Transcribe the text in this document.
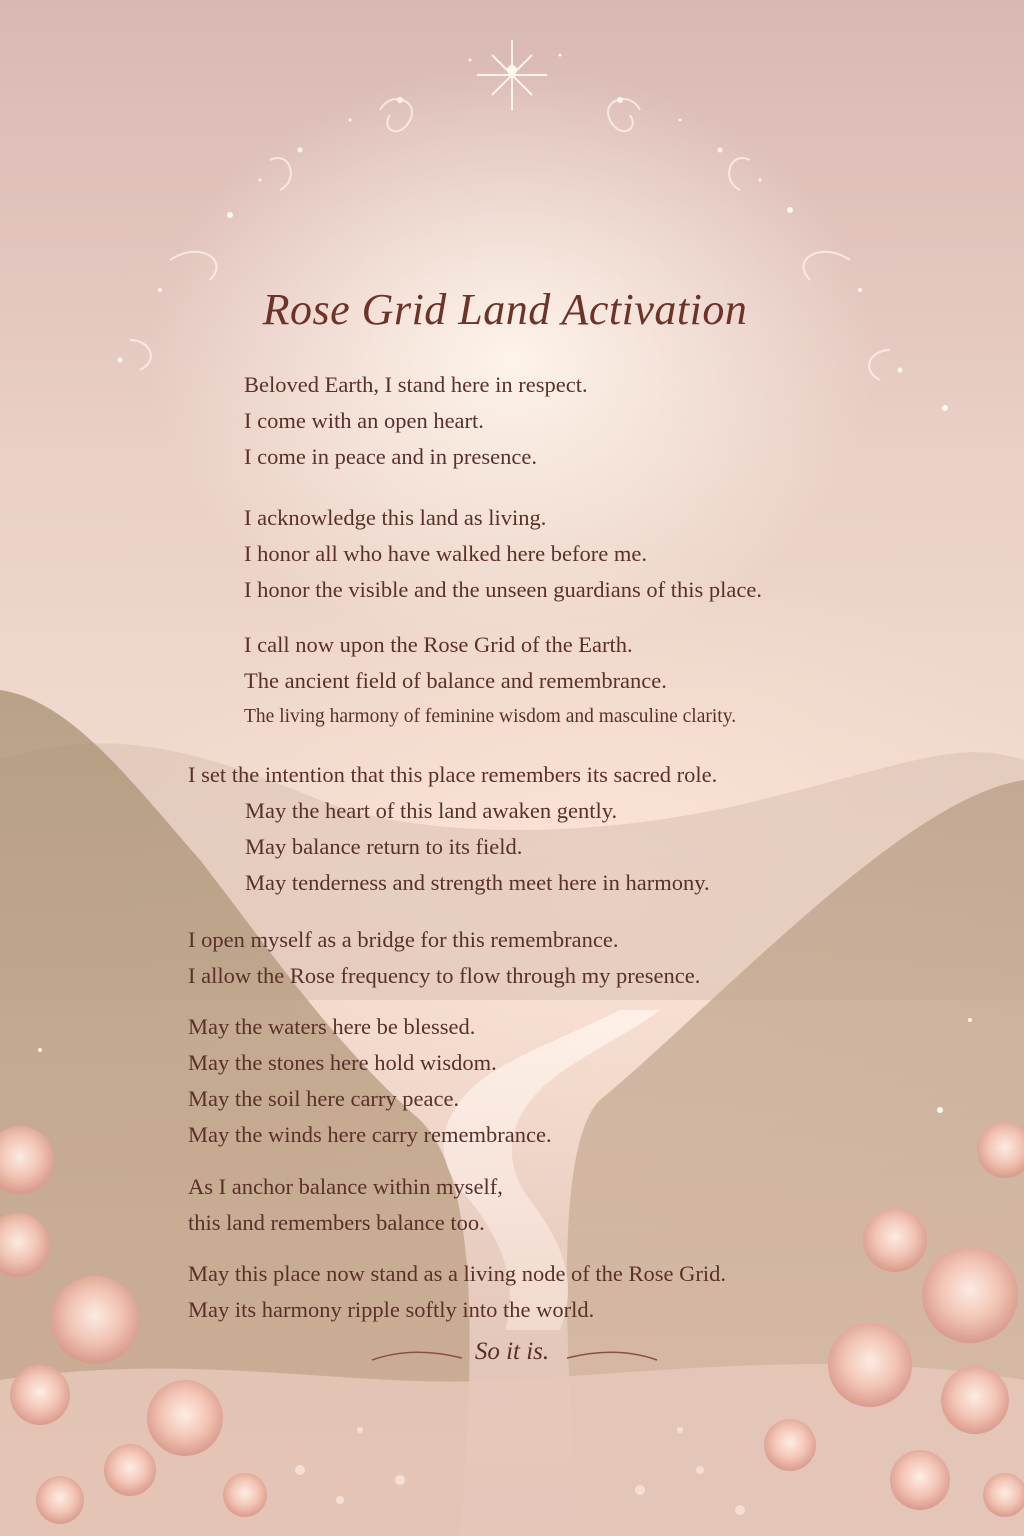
Rose Grid Land Activation
Beloved Earth, I stand here in respect.
I come with an open heart.
I come in peace and in presence.
I acknowledge this land as living.
I honor all who have walked here before me.
I honor the visible and the unseen guardians of this place.
I call now upon the Rose Grid of the Earth.
The ancient field of balance and remembrance.
The living harmony of feminine wisdom and masculine clarity.
I set the intention that this place remembers its sacred role.
May the heart of this land awaken gently.
May balance return to its field.
May tenderness and strength meet here in harmony.
I open myself as a bridge for this remembrance.
I allow the Rose frequency to flow through my presence.
May the waters here be blessed.
May the stones here hold wisdom.
May the soil here carry peace.
May the winds here carry remembrance.
As I anchor balance within myself,
this land remembers balance too.
May this place now stand as a living node of the Rose Grid.
May its harmony ripple softly into the world.
So it is.
